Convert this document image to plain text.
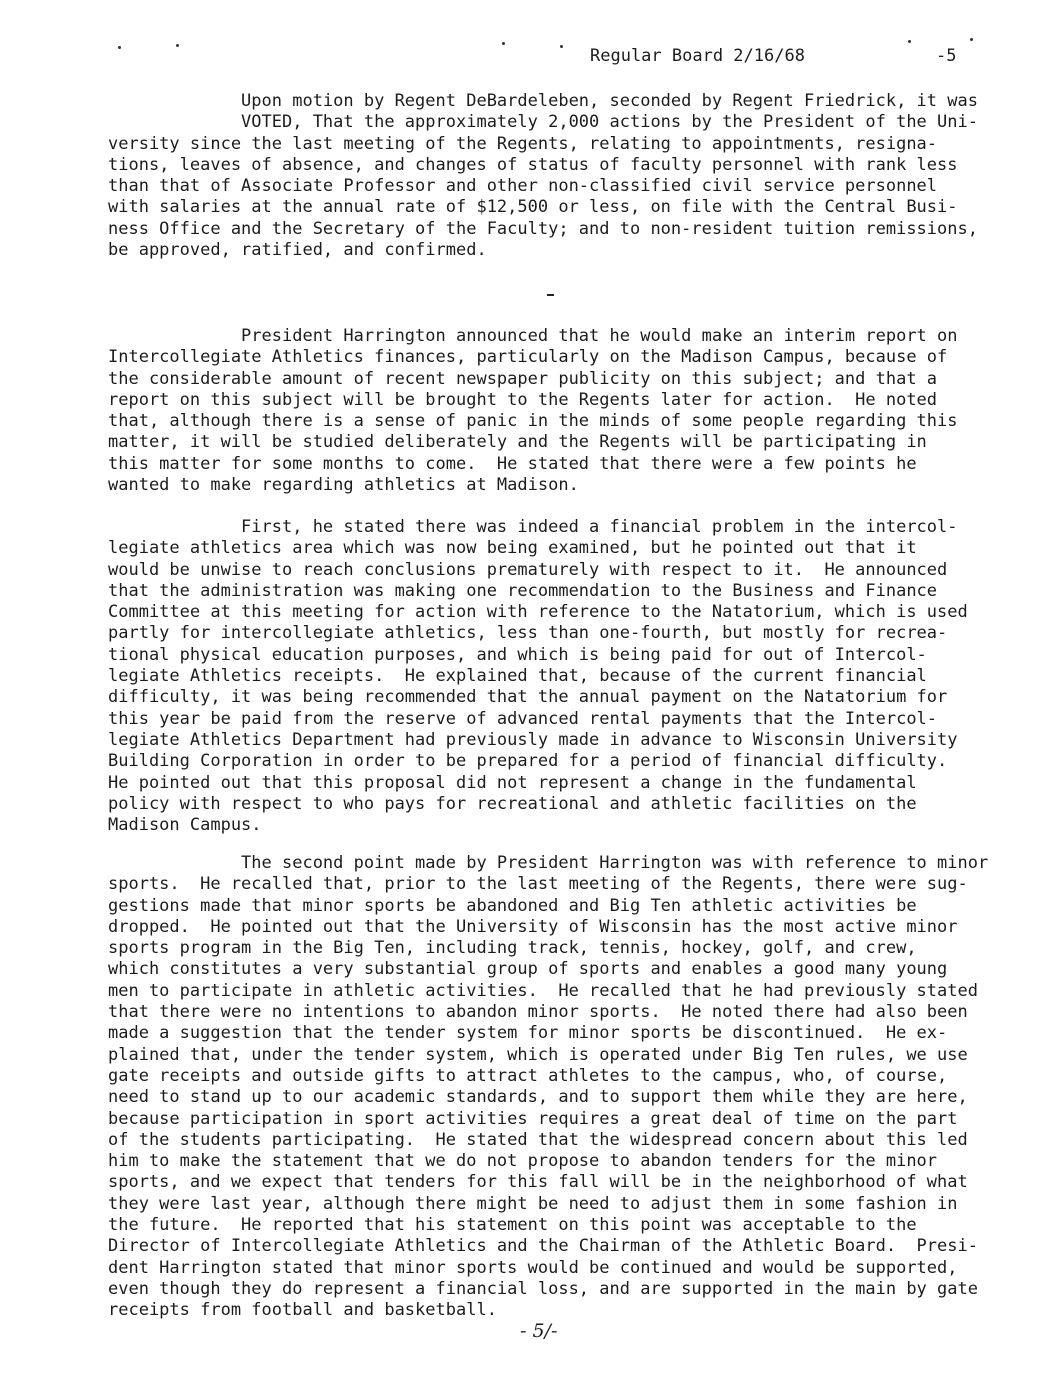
Regular Board 2/16/68	-5
Upon motion by Regent DeBardeleben, seconded by Regent Friedrick, it was
VOTED, That the approximately 2,000 actions by the President of the Uni-
versity since the last meeting of the Regents, relating to appointments, resigna-
tions, leaves of absence, and changes of status of faculty personnel with rank less
than that of Associate Professor and other non-classified civil service personnel
with salaries at the annual rate of $12,500 or less, on file with the Central Busi-
ness Office and the Secretary of the Faculty; and to non-resident tuition remissions,
be approved, ratified, and confirmed.
President Harrington announced that he would make an interim report on
Intercollegiate Athletics finances, particularly on the Madison Campus, because of
the considerable amount of recent newspaper publicity on this subject; and that a
report on this subject will be brought to the Regents later for action.  He noted
that, although there is a sense of panic in the minds of some people regarding this
matter, it will be studied deliberately and the Regents will be participating in
this matter for some months to come.  He stated that there were a few points he
wanted to make regarding athletics at Madison.
First, he stated there was indeed a financial problem in the intercol-
legiate athletics area which was now being examined, but he pointed out that it
would be unwise to reach conclusions prematurely with respect to it.  He announced
that the administration was making one recommendation to the Business and Finance
Committee at this meeting for action with reference to the Natatorium, which is used
partly for intercollegiate athletics, less than one-fourth, but mostly for recrea-
tional physical education purposes, and which is being paid for out of Intercol-
legiate Athletics receipts.  He explained that, because of the current financial
difficulty, it was being recommended that the annual payment on the Natatorium for
this year be paid from the reserve of advanced rental payments that the Intercol-
legiate Athletics Department had previously made in advance to Wisconsin University
Building Corporation in order to be prepared for a period of financial difficulty.
He pointed out that this proposal did not represent a change in the fundamental
policy with respect to who pays for recreational and athletic facilities on the
Madison Campus.
The second point made by President Harrington was with reference to minor
sports.  He recalled that, prior to the last meeting of the Regents, there were sug-
gestions made that minor sports be abandoned and Big Ten athletic activities be
dropped.  He pointed out that the University of Wisconsin has the most active minor
sports program in the Big Ten, including track, tennis, hockey, golf, and crew,
which constitutes a very substantial group of sports and enables a good many young
men to participate in athletic activities.  He recalled that he had previously stated
that there were no intentions to abandon minor sports.  He noted there had also been
made a suggestion that the tender system for minor sports be discontinued.  He ex-
plained that, under the tender system, which is operated under Big Ten rules, we use
gate receipts and outside gifts to attract athletes to the campus, who, of course,
need to stand up to our academic standards, and to support them while they are here,
because participation in sport activities requires a great deal of time on the part
of the students participating.  He stated that the widespread concern about this led
him to make the statement that we do not propose to abandon tenders for the minor
sports, and we expect that tenders for this fall will be in the neighborhood of what
they were last year, although there might be need to adjust them in some fashion in
the future.  He reported that his statement on this point was acceptable to the
Director of Intercollegiate Athletics and the Chairman of the Athletic Board.  Presi-
dent Harrington stated that minor sports would be continued and would be supported,
even though they do represent a financial loss, and are supported in the main by gate
receipts from football and basketball.
- 5/-
